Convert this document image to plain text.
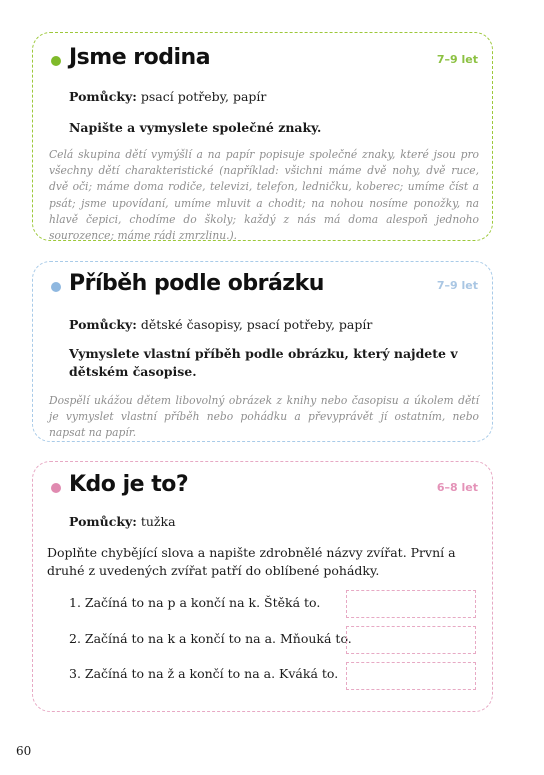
Jsme rodina	7–9 let
Pomůcky: psací potřeby, papír
Napište a vymyslete společné znaky.
Celá skupina dětí vymýšlí a na papír popisuje společné znaky, které jsou pro všechny dětí charakteristické (například: všichni máme dvě nohy, dvě ruce, dvě oči; máme doma rodiče, televizi, telefon, ledničku, koberec; umíme číst a psát; jsme upovídaní, umíme mluvit a chodit; na nohou nosíme ponožky, na hlavě čepici, chodíme do školy; každý z nás má doma alespoň jednoho sourozence; máme rádi zmrzlinu.).
Příběh podle obrázku	7–9 let
Pomůcky: dětské časopisy, psací potřeby, papír
Vymyslete vlastní příběh podle obrázku, který najdete v dětském časopise.
Dospělí ukážou dětem libovolný obrázek z knihy nebo časopisu a úkolem dětí je vymyslet vlastní příběh nebo pohádku a převyprávět jí ostatním, nebo napsat na papír.
Kdo je to?	6–8 let
Pomůcky: tužka
Doplňte chybějící slova a napište zdrobnělé názvy zvířat. První a druhé z uvedených zvířat patří do oblíbené pohádky.
1. Začíná to na p a končí na k. Štěká to.
2. Začíná to na k a končí to na a. Mňouká to.
3. Začíná to na ž a končí to na a. Kváká to.
60
